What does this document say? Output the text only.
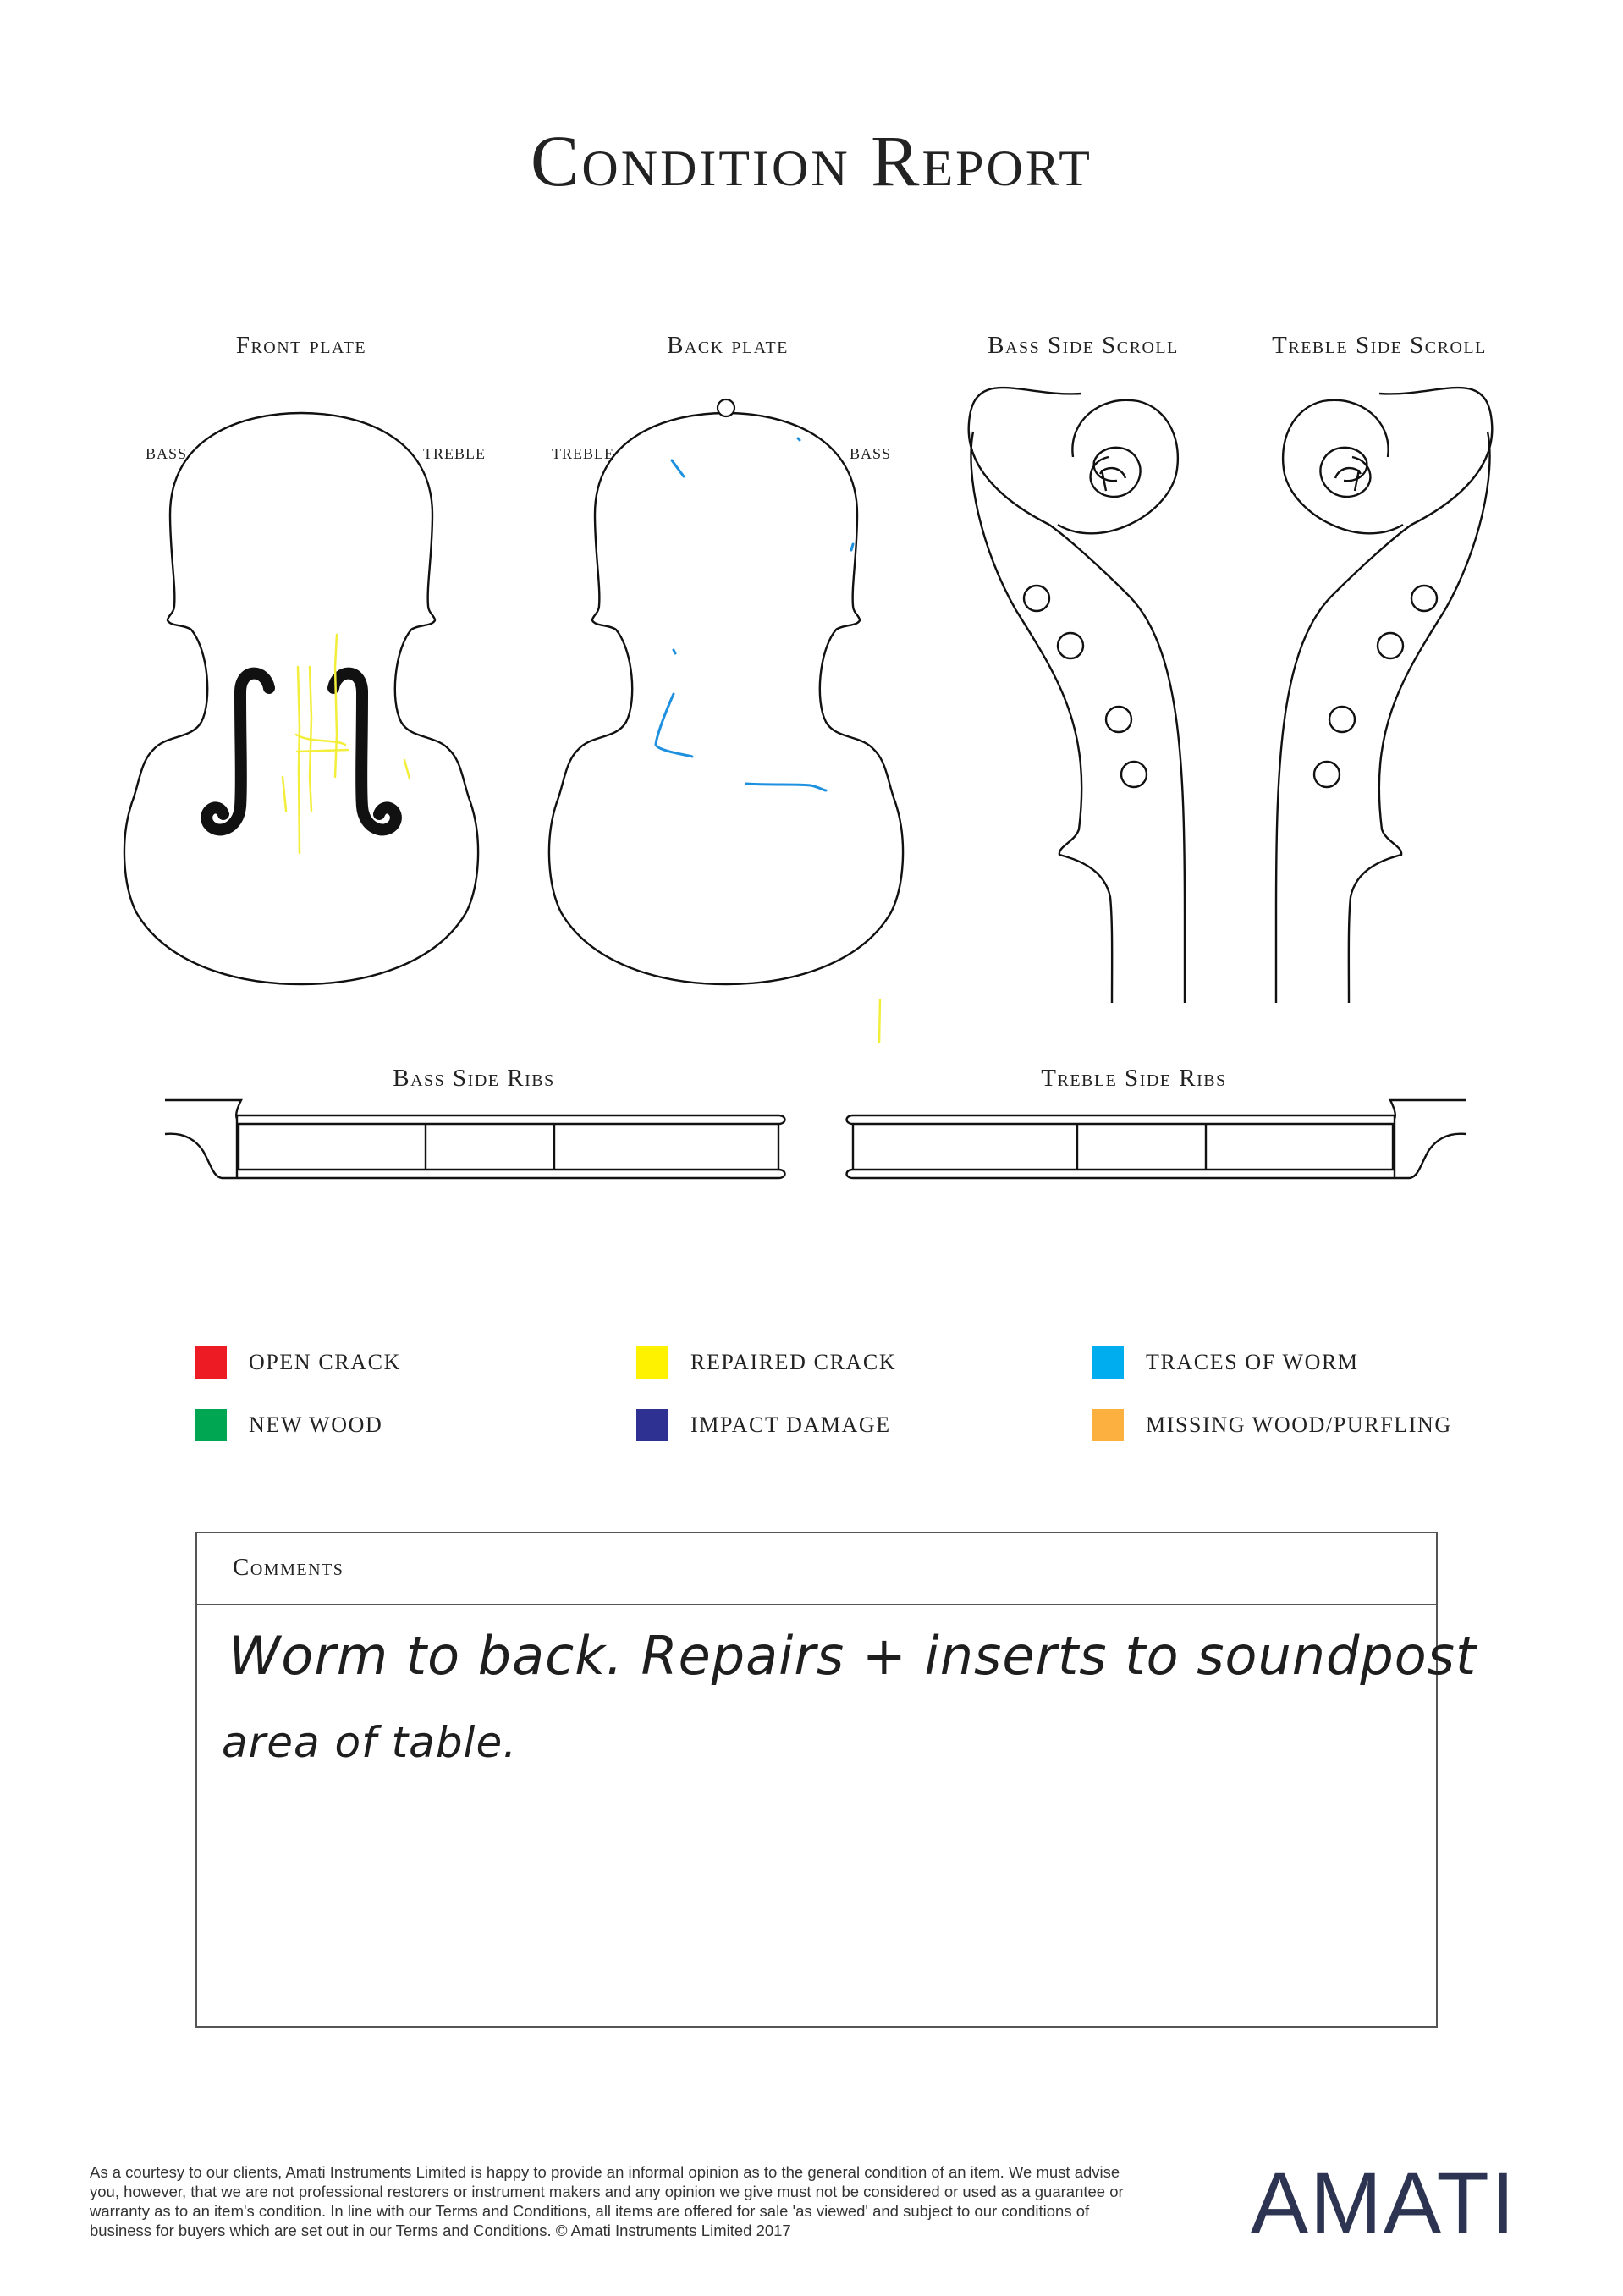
Condition Report
Front plate	Back plate	Bass Side Scroll	Treble Side Scroll
Bass Side Ribs	Treble Side Ribs
BASS	TREBLE	TREBLE	BASS
OPEN CRACK	REPAIRED CRACK	TRACES OF WORM
NEW WOOD	IMPACT DAMAGE	MISSING WOOD/PURFLING
Comments
Worm to back. Repairs + inserts to soundpost
area of table.
As a courtesy to our clients, Amati Instruments Limited is happy to provide an informal opinion as to the general condition of an item. We must advise you, however, that we are not professional restorers or instrument makers and any opinion we give must not be considered or used as a guarantee or warranty as to an item's condition. In line with our Terms and Conditions, all items are offered for sale 'as viewed' and subject to our conditions of business for buyers which are set out in our Terms and Conditions. © Amati Instruments Limited 2017	AMATI
